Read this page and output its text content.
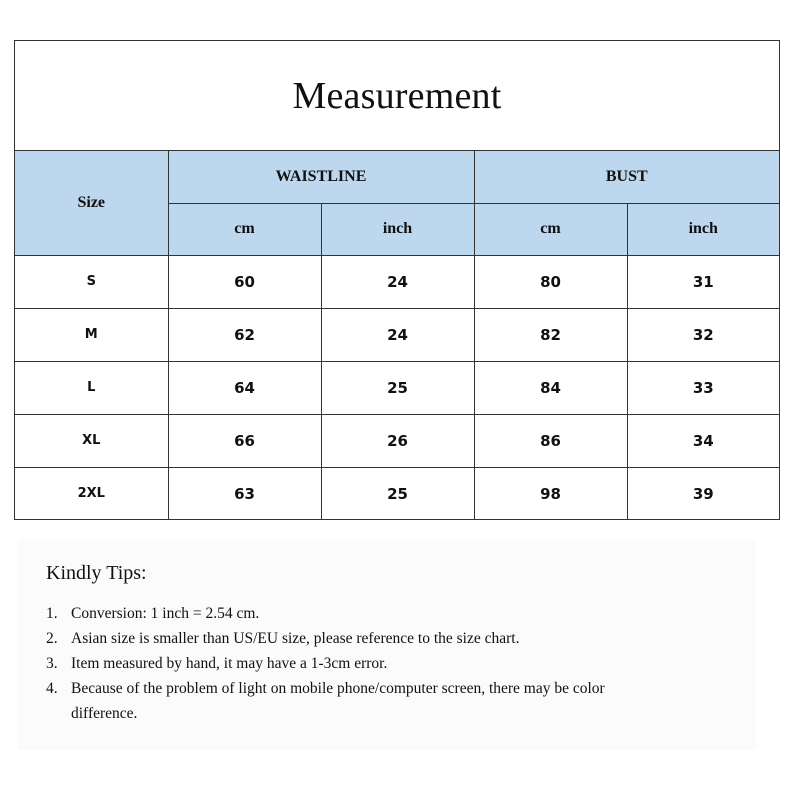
Measurement
Size	WAISTLINE		BUST	
	cm	inch	cm	inch
S	60	24	80	31
M	62	24	82	32
L	64	25	84	33
XL	66	26	86	34
2XL	63	25	98	39
Kindly Tips:
1. Conversion: 1 inch = 2.54 cm.
2. Asian size is smaller than US/EU size, please reference to the size chart.
3. Item measured by hand, it may have a 1-3cm error.
4. Because of the problem of light on mobile phone/computer screen, there may be color difference.
